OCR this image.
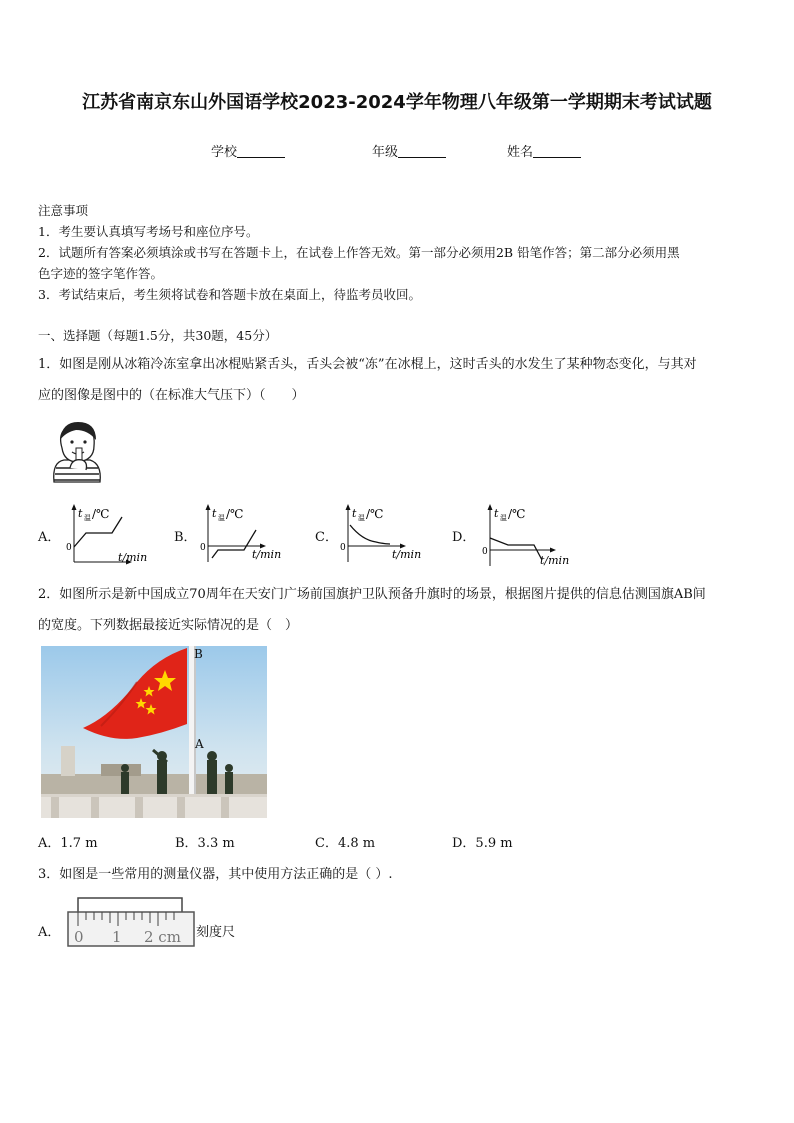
江苏省南京东山外国语学校2023-2024学年物理八年级第一学期期末考试试题
学校	年级	姓名
注意事项
1．考生要认真填写考场号和座位序号。
2．试题所有答案必须填涂或书写在答题卡上，在试卷上作答无效。第一部分必须用2B 铅笔作答；第二部分必须用黑
色字迹的签字笔作答。
3．考试结束后，考生须将试卷和答题卡放在桌面上，待监考员收回。
一、选择题（每题1.5分，共30题，45分）
1．如图是刚从冰箱冷冻室拿出冰棍贴紧舌头，舌头会被“冻”在冰棍上，这时舌头的水发生了某种物态变化，与其对
应的图像是图中的（在标准大气压下）（　　）
A．	B．	C．	D．
t 温 /℃
0
t/min
t 温 /℃
0	t/min
t 温 /℃
0	t/min
t 温 /℃
0
t/min
2．如图所示是新中国成立70周年在天安门广场前国旗护卫队预备升旗时的场景，根据图片提供的信息估测国旗AB间
的宽度。下列数据最接近实际情况的是（　）
B
A
A．1.7 m	B．3.3 m	C．4.8 m	D．5.9 m
3．如图是一些常用的测量仪器，其中使用方法正确的是（ ）.
A． 0 1 2 cm 刻度尺
